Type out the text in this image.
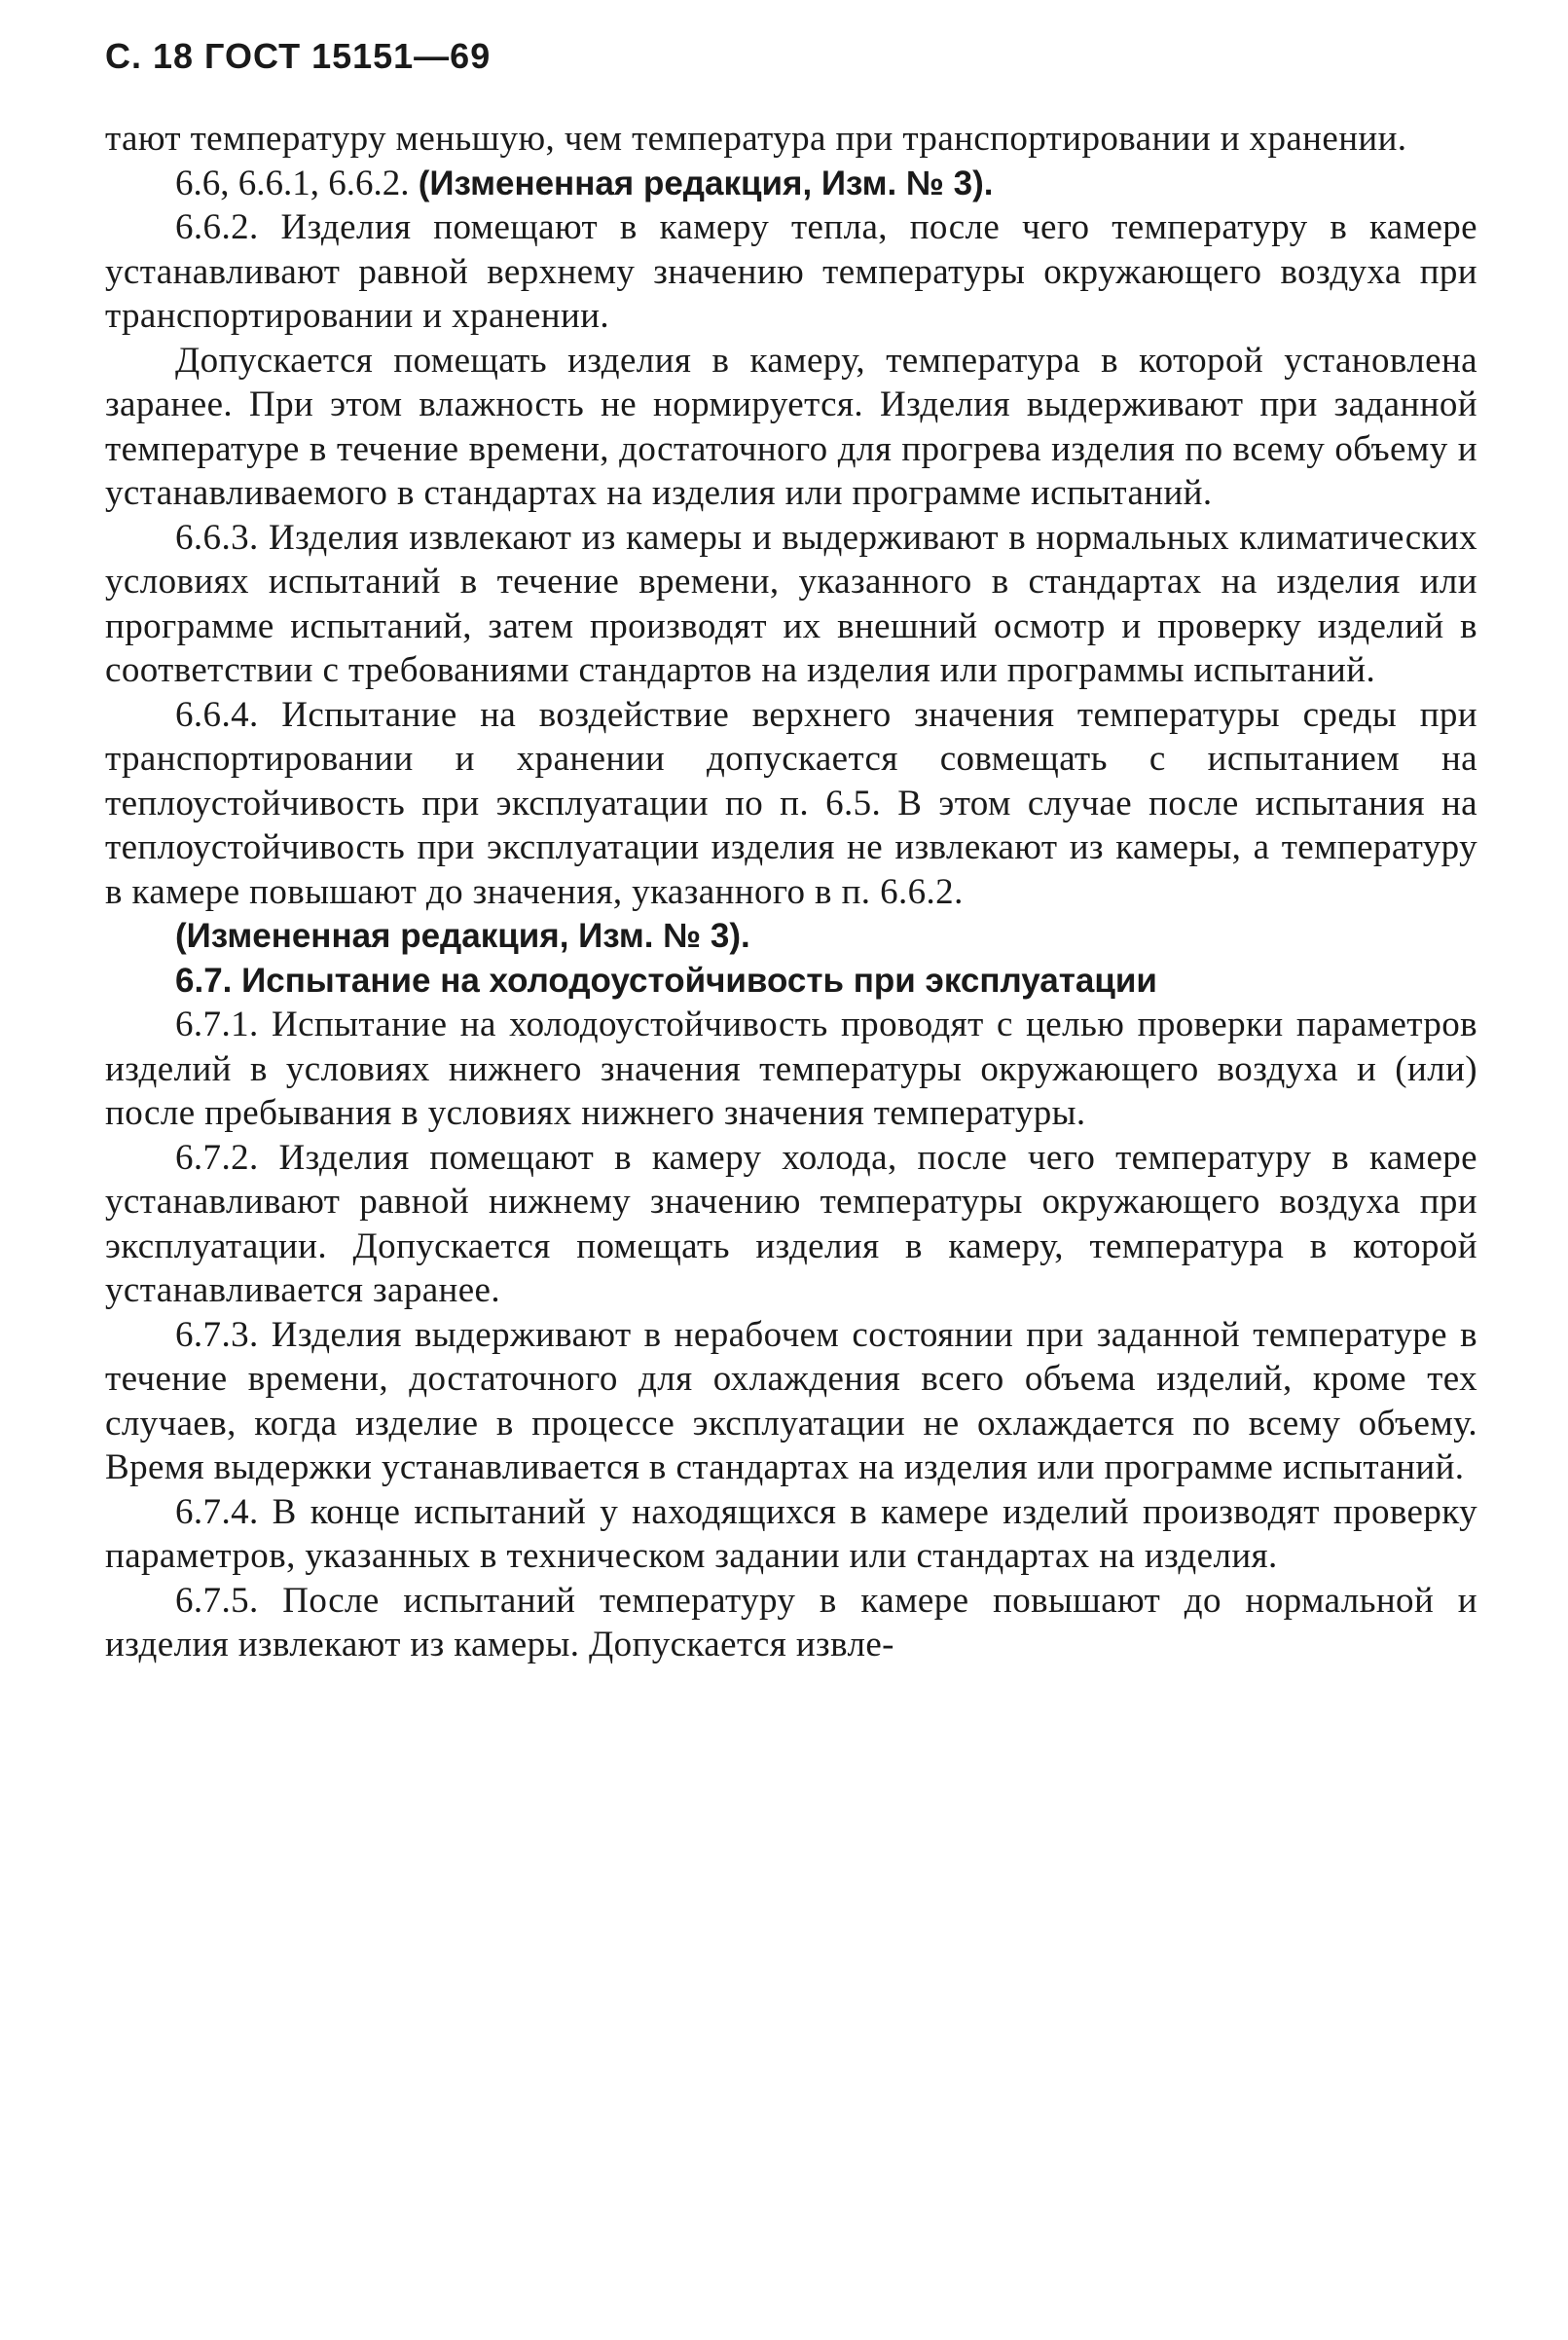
С. 18 ГОСТ 15151—69

тают температуру меньшую, чем температура при транспортировании и хранении.

6.6, 6.6.1, 6.6.2. (Измененная редакция, Изм. № 3).

6.6.2. Изделия помещают в камеру тепла, после чего температуру в камере устанавливают равной верхнему значению температуры окружающего воздуха при транспортировании и хранении.

Допускается помещать изделия в камеру, температура в которой установлена заранее. При этом влажность не нормируется. Изделия выдерживают при заданной температуре в течение времени, достаточного для прогрева изделия по всему объему и устанавливаемого в стандартах на изделия или программе испытаний.

6.6.3. Изделия извлекают из камеры и выдерживают в нормальных климатических условиях испытаний в течение времени, указанного в стандартах на изделия или программе испытаний, затем производят их внешний осмотр и проверку изделий в соответствии с требованиями стандартов на изделия или программы испытаний.

6.6.4. Испытание на воздействие верхнего значения температуры среды при транспортировании и хранении допускается совмещать с испытанием на теплоустойчивость при эксплуатации по п. 6.5. В этом случае после испытания на теплоустойчивость при эксплуатации изделия не извлекают из камеры, а температуру в камере повышают до значения, указанного в п. 6.6.2.

(Измененная редакция, Изм. № 3).

6.7. Испытание на холодоустойчивость при эксплуатации

6.7.1. Испытание на холодоустойчивость проводят с целью проверки параметров изделий в условиях нижнего значения температуры окружающего воздуха и (или) после пребывания в условиях нижнего значения температуры.

6.7.2. Изделия помещают в камеру холода, после чего температуру в камере устанавливают равной нижнему значению температуры окружающего воздуха при эксплуатации. Допускается помещать изделия в камеру, температура в которой устанавливается заранее.

6.7.3. Изделия выдерживают в нерабочем состоянии при заданной температуре в течение времени, достаточного для охлаждения всего объема изделий, кроме тех случаев, когда изделие в процессе эксплуатации не охлаждается по всему объему. Время выдержки устанавливается в стандартах на изделия или программе испытаний.

6.7.4. В конце испытаний у находящихся в камере изделий производят проверку параметров, указанных в техническом задании или стандартах на изделия.

6.7.5. После испытаний температуру в камере повышают до нормальной и изделия извлекают из камеры. Допускается извле-
